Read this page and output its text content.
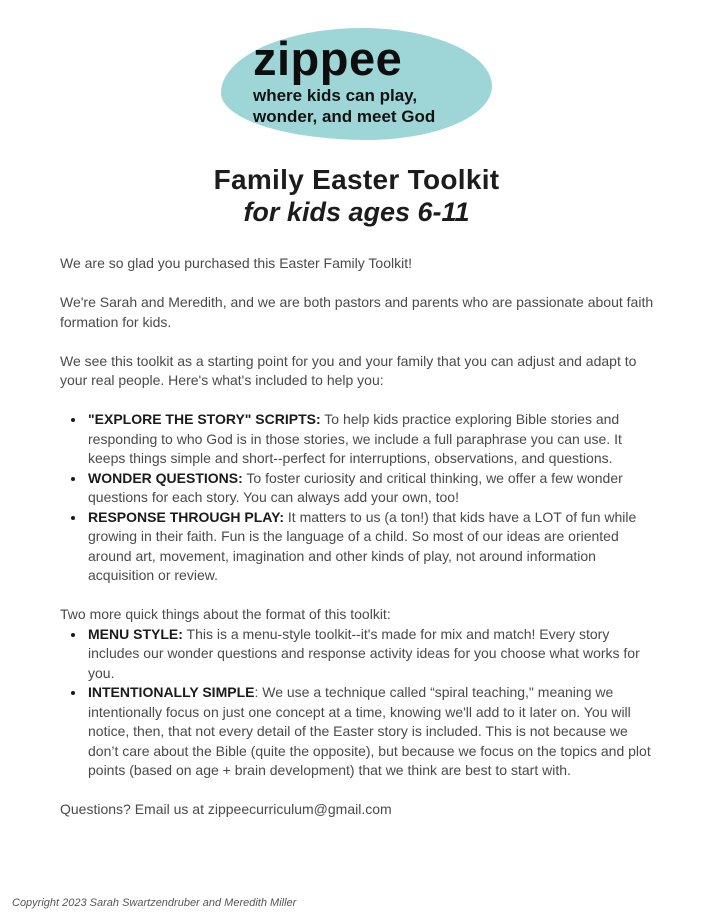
zippee
where kids can play,
wonder, and meet God
Family Easter Toolkit
for kids ages 6-11

We are so glad you purchased this Easter Family Toolkit!

We're Sarah and Meredith, and we are both pastors and parents who are passionate about faith formation for kids.

We see this toolkit as a starting point for you and your family that you can adjust and adapt to your real people. Here's what's included to help you:

• "EXPLORE THE STORY" SCRIPTS: To help kids practice exploring Bible stories and responding to who God is in those stories, we include a full paraphrase you can use. It keeps things simple and short--perfect for interruptions, observations, and questions.
• WONDER QUESTIONS: To foster curiosity and critical thinking, we offer a few wonder questions for each story. You can always add your own, too!
• RESPONSE THROUGH PLAY: It matters to us (a ton!) that kids have a LOT of fun while growing in their faith. Fun is the language of a child. So most of our ideas are oriented around art, movement, imagination and other kinds of play, not around information acquisition or review.

Two more quick things about the format of this toolkit:

• MENU STYLE: This is a menu-style toolkit--it's made for mix and match! Every story includes our wonder questions and response activity ideas for you choose what works for you.
• INTENTIONALLY SIMPLE: We use a technique called “spiral teaching," meaning we intentionally focus on just one concept at a time, knowing we'll add to it later on. You will notice, then, that not every detail of the Easter story is included. This is not because we don’t care about the Bible (quite the opposite), but because we focus on the topics and plot points (based on age + brain development) that we think are best to start with.

Questions? Email us at zippeecurriculum@gmail.com

Copyright 2023 Sarah Swartzendruber and Meredith Miller
